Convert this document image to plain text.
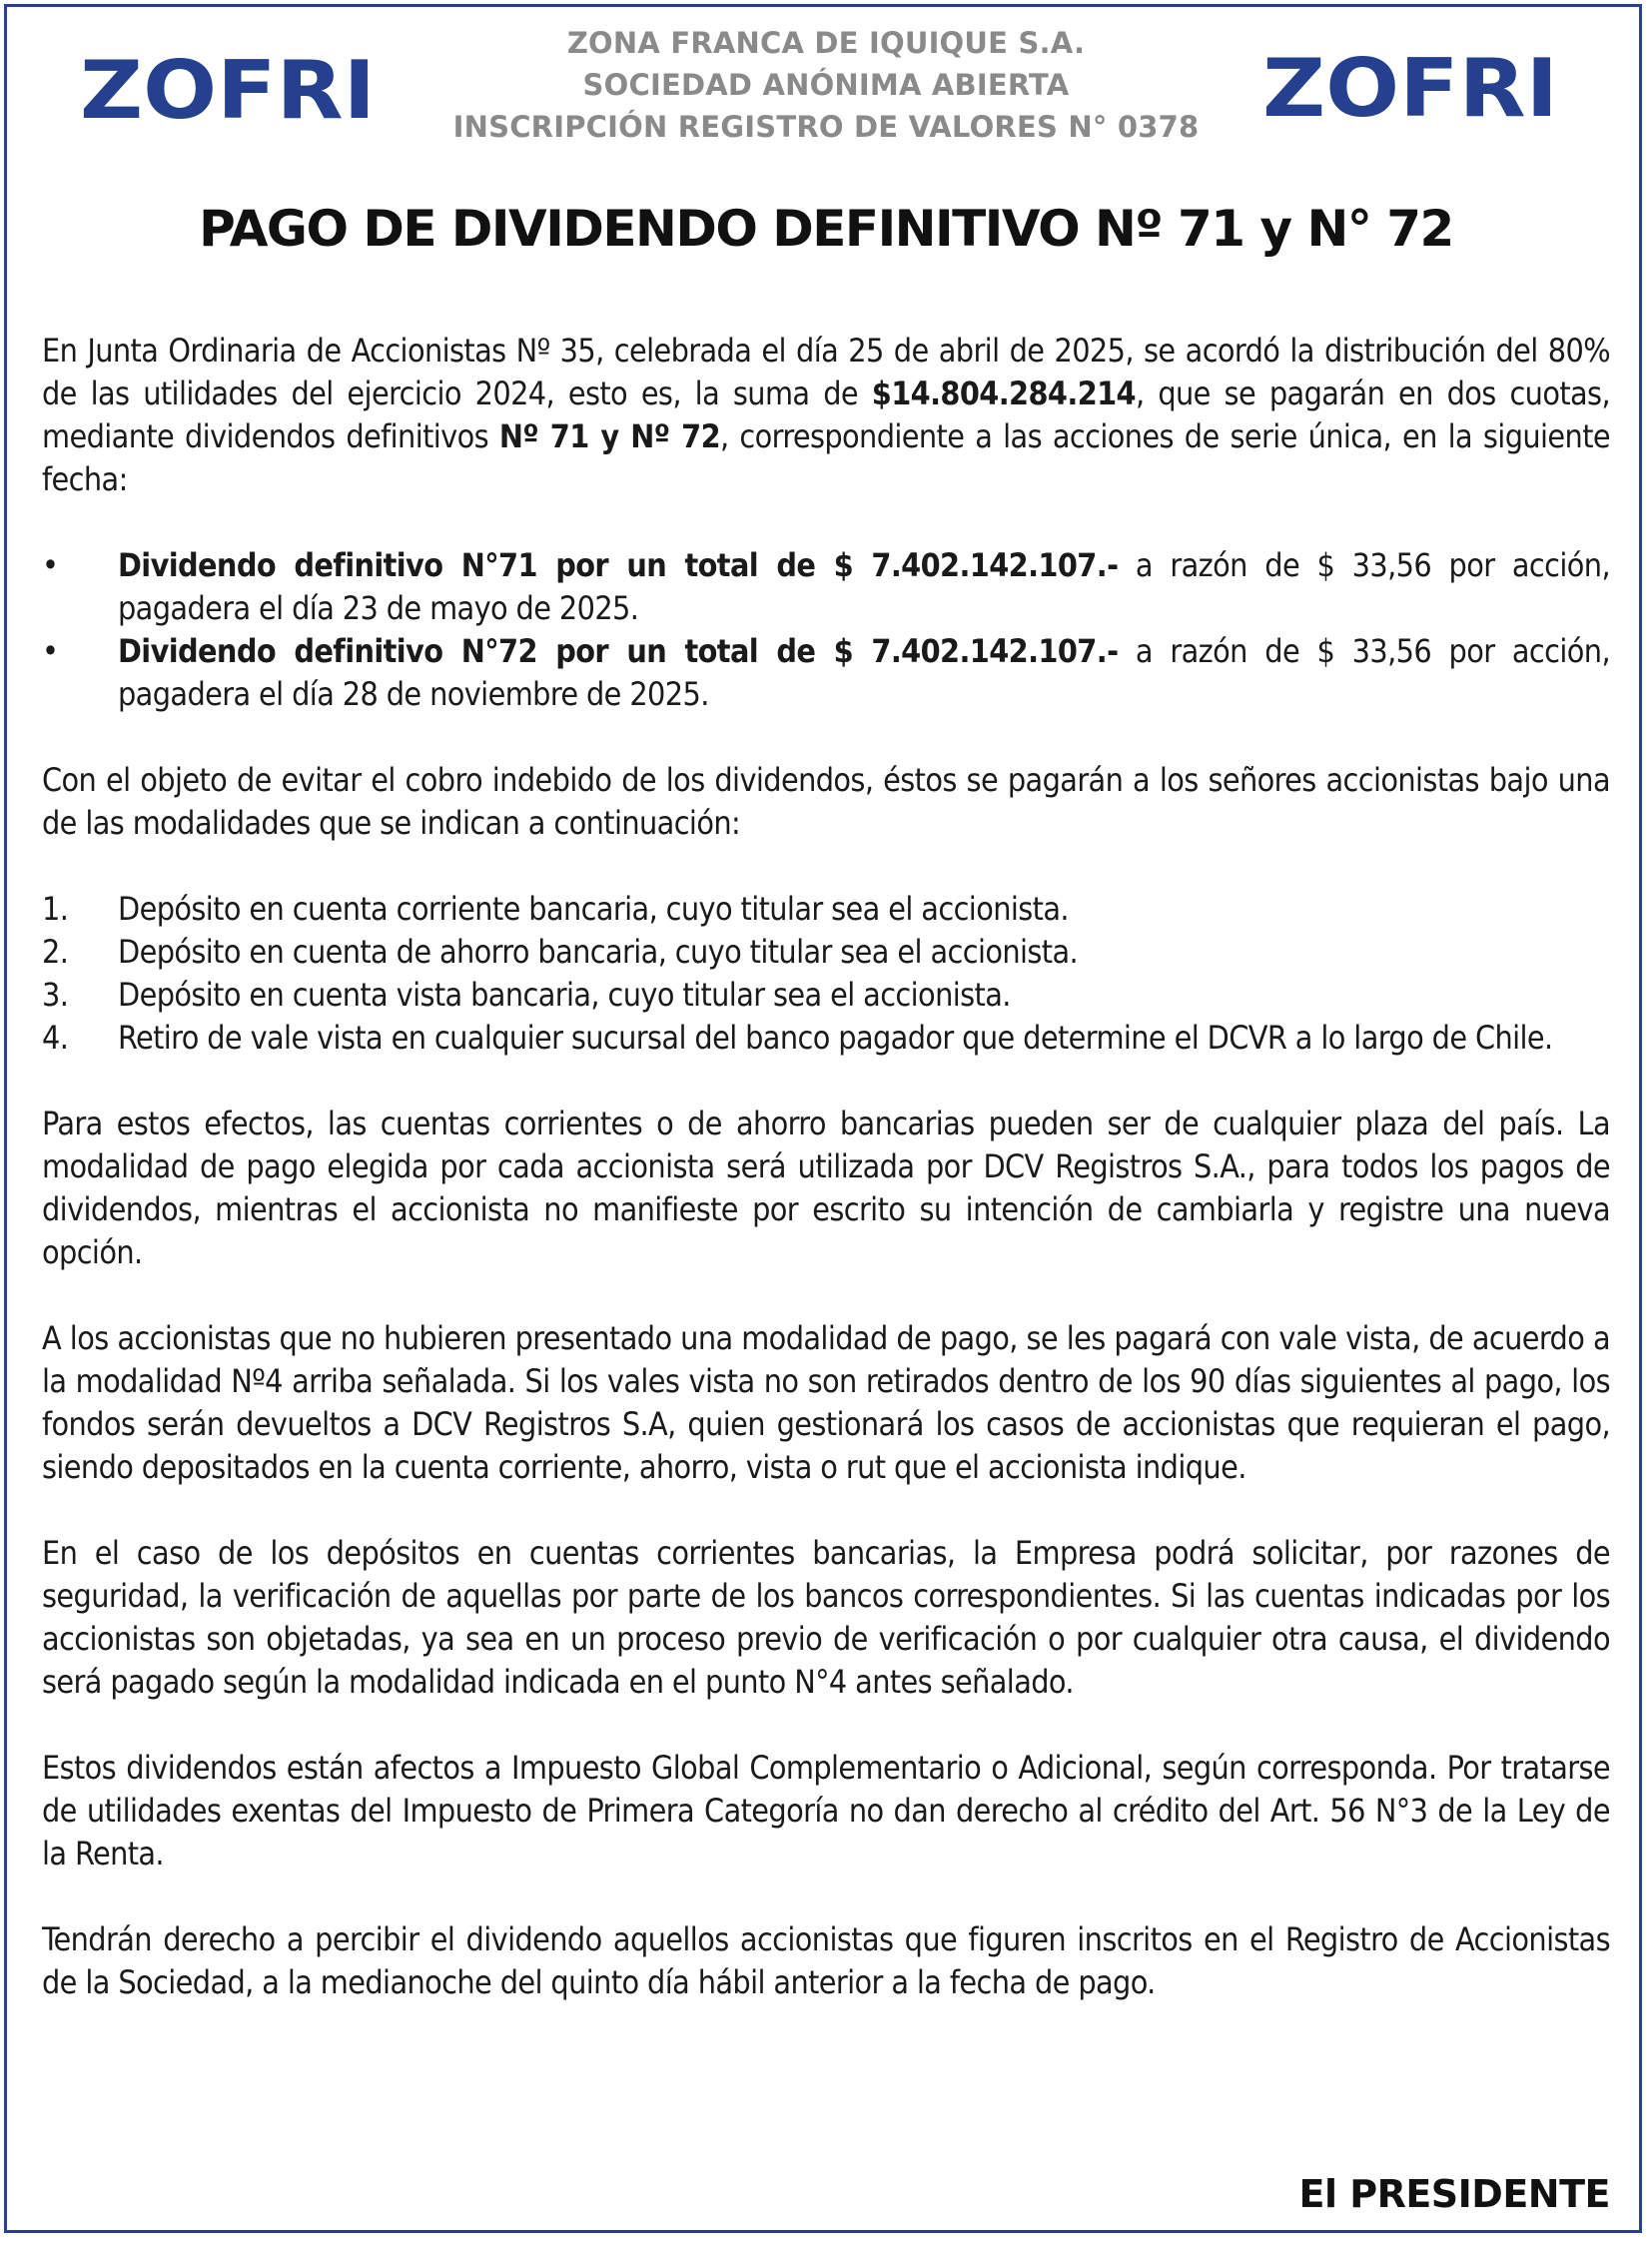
ZOFRI	ZOFRI
ZONA FRANCA DE IQUIQUE S.A.
SOCIEDAD ANÓNIMA ABIERTA
INSCRIPCIÓN REGISTRO DE VALORES N° 0378
PAGO DE DIVIDENDO DEFINITIVO Nº 71 y N° 72

En Junta Ordinaria de Accionistas Nº 35, celebrada el día 25 de abril de 2025, se acordó la distribución del 80% de las utilidades del ejercicio 2024, esto es, la suma de $14.804.284.214, que se pagarán en dos cuotas, mediante dividendos definitivos Nº 71 y Nº 72, correspondiente a las acciones de serie única, en la siguiente fecha:

• Dividendo definitivo N°71 por un total de $ 7.402.142.107.- a razón de $ 33,56 por acción, pagadera el día 23 de mayo de 2025.
• Dividendo definitivo N°72 por un total de $ 7.402.142.107.- a razón de $ 33,56 por acción, pagadera el día 28 de noviembre de 2025.

Con el objeto de evitar el cobro indebido de los dividendos, éstos se pagarán a los señores accionistas bajo una de las modalidades que se indican a continuación:

1. Depósito en cuenta corriente bancaria, cuyo titular sea el accionista.
2. Depósito en cuenta de ahorro bancaria, cuyo titular sea el accionista.
3. Depósito en cuenta vista bancaria, cuyo titular sea el accionista.
4. Retiro de vale vista en cualquier sucursal del banco pagador que determine el DCVR a lo largo de Chile.

Para estos efectos, las cuentas corrientes o de ahorro bancarias pueden ser de cualquier plaza del país. La modalidad de pago elegida por cada accionista será utilizada por DCV Registros S.A., para todos los pagos de dividendos, mientras el accionista no manifieste por escrito su intención de cambiarla y registre una nueva opción.

A los accionistas que no hubieren presentado una modalidad de pago, se les pagará con vale vista, de acuerdo a la modalidad Nº4 arriba señalada. Si los vales vista no son retirados dentro de los 90 días siguientes al pago, los fondos serán devueltos a DCV Registros S.A, quien gestionará los casos de accionistas que requieran el pago, siendo depositados en la cuenta corriente, ahorro, vista o rut que el accionista indique.

En el caso de los depósitos en cuentas corrientes bancarias, la Empresa podrá solicitar, por razones de seguridad, la verificación de aquellas por parte de los bancos correspondientes. Si las cuentas indicadas por los accionistas son objetadas, ya sea en un proceso previo de verificación o por cualquier otra causa, el dividendo será pagado según la modalidad indicada en el punto N°4 antes señalado.

Estos dividendos están afectos a Impuesto Global Complementario o Adicional, según corresponda. Por tratarse de utilidades exentas del Impuesto de Primera Categoría no dan derecho al crédito del Art. 56 N°3 de la Ley de la Renta.

Tendrán derecho a percibir el dividendo aquellos accionistas que figuren inscritos en el Registro de Accionistas de la Sociedad, a la medianoche del quinto día hábil anterior a la fecha de pago.

El PRESIDENTE
